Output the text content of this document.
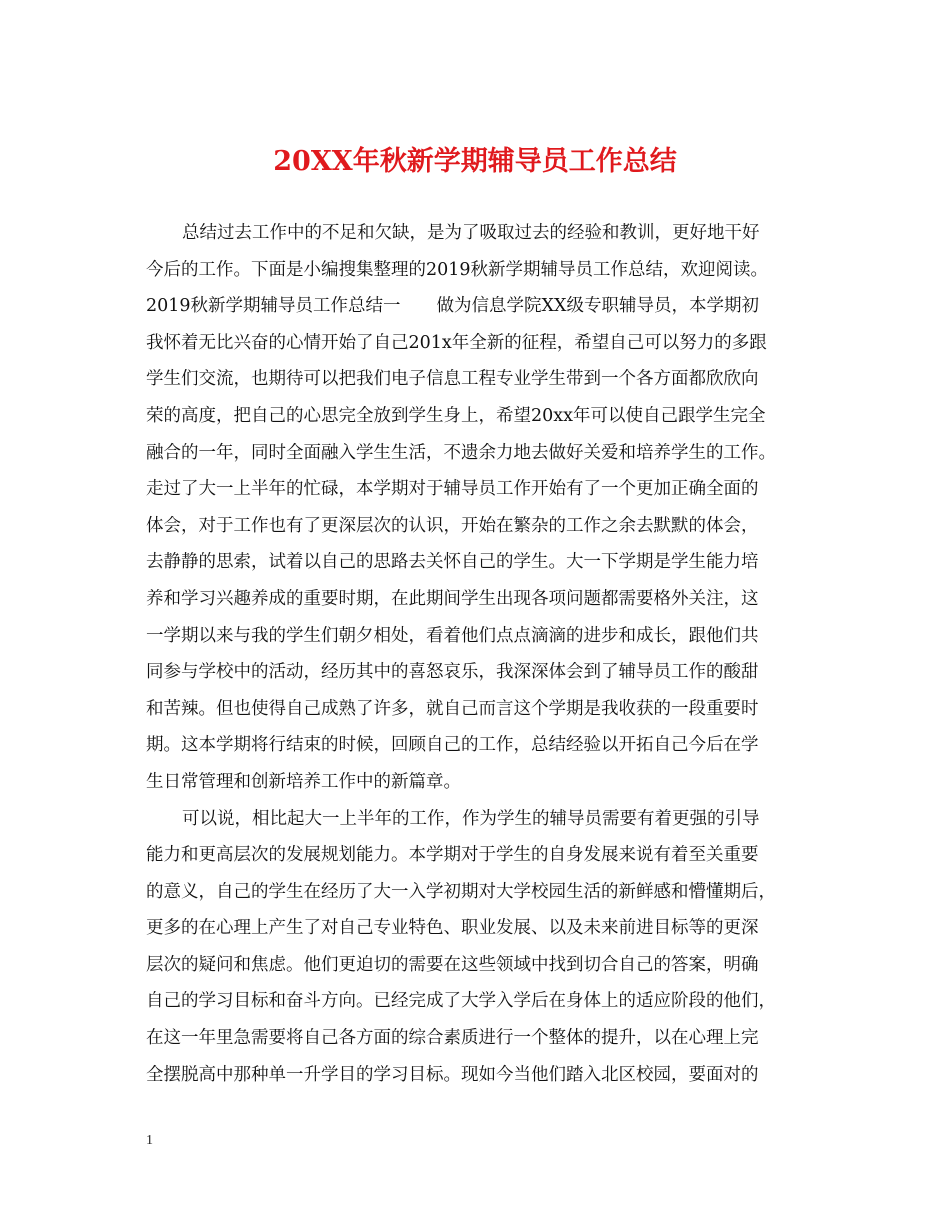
20XX年秋新学期辅导员工作总结
总结过去工作中的不足和欠缺，是为了吸取过去的经验和教训，更好地干好
今后的工作。下面是小编搜集整理的2019秋新学期辅导员工作总结，欢迎阅读。
2019秋新学期辅导员工作总结一 做为信息学院XX级专职辅导员，本学期初
我怀着无比兴奋的心情开始了自己201x年全新的征程，希望自己可以努力的多跟
学生们交流，也期待可以把我们电子信息工程专业学生带到一个各方面都欣欣向
荣的高度，把自己的心思完全放到学生身上，希望20xx年可以使自己跟学生完全
融合的一年，同时全面融入学生生活，不遗余力地去做好关爱和培养学生的工作。
走过了大一上半年的忙碌，本学期对于辅导员工作开始有了一个更加正确全面的
体会，对于工作也有了更深层次的认识，开始在繁杂的工作之余去默默的体会，
去静静的思索，试着以自己的思路去关怀自己的学生。大一下学期是学生能力培
养和学习兴趣养成的重要时期，在此期间学生出现各项问题都需要格外关注，这
一学期以来与我的学生们朝夕相处，看着他们点点滴滴的进步和成长，跟他们共
同参与学校中的活动，经历其中的喜怒哀乐，我深深体会到了辅导员工作的酸甜
和苦辣。但也使得自己成熟了许多，就自己而言这个学期是我收获的一段重要时
期。这本学期将行结束的时候，回顾自己的工作，总结经验以开拓自己今后在学
生日常管理和创新培养工作中的新篇章。
可以说，相比起大一上半年的工作，作为学生的辅导员需要有着更强的引导
能力和更高层次的发展规划能力。本学期对于学生的自身发展来说有着至关重要
的意义，自己的学生在经历了大一入学初期对大学校园生活的新鲜感和懵懂期后，
更多的在心理上产生了对自己专业特色、职业发展、以及未来前进目标等的更深
层次的疑问和焦虑。他们更迫切的需要在这些领域中找到切合自己的答案，明确
自己的学习目标和奋斗方向。已经完成了大学入学后在身体上的适应阶段的他们，
在这一年里急需要将自己各方面的综合素质进行一个整体的提升，以在心理上完
全摆脱高中那种单一升学目的学习目标。现如今当他们踏入北区校园，要面对的
1
